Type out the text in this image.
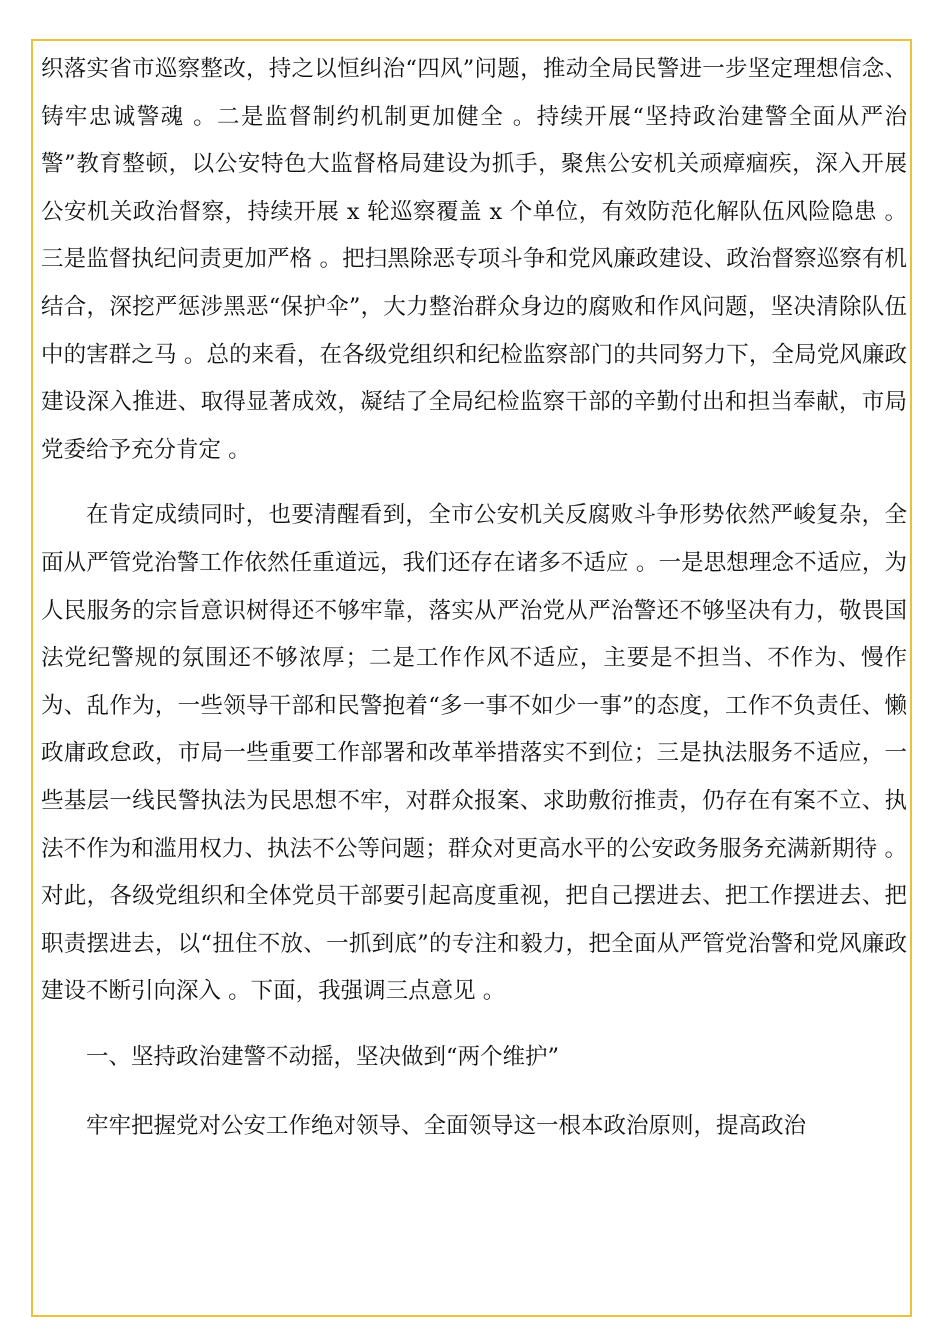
织落实省市巡察整改，持之以恒纠治“四风”问题，推动全局民警进一步坚定理想信念、铸牢忠诚警魂 。二是监督制约机制更加健全 。持续开展“坚持政治建警全面从严治警”教育整顿，以公安特色大监督格局建设为抓手，聚焦公安机关顽瘴痼疾，深入开展公安机关政治督察，持续开展 x 轮巡察覆盖 x 个单位，有效防范化解队伍风险隐患 。三是监督执纪问责更加严格 。把扫黑除恶专项斗争和党风廉政建设、政治督察巡察有机结合，深挖严惩涉黑恶“保护伞”，大力整治群众身边的腐败和作风问题，坚决清除队伍中的害群之马 。总的来看，在各级党组织和纪检监察部门的共同努力下，全局党风廉政建设深入推进、取得显著成效，凝结了全局纪检监察干部的辛勤付出和担当奉献，市局党委给予充分肯定 。

在肯定成绩同时，也要清醒看到，全市公安机关反腐败斗争形势依然严峻复杂，全面从严管党治警工作依然任重道远，我们还存在诸多不适应 。一是思想理念不适应，为人民服务的宗旨意识树得还不够牢靠，落实从严治党从严治警还不够坚决有力，敬畏国法党纪警规的氛围还不够浓厚；二是工作作风不适应，主要是不担当、不作为、慢作为、乱作为，一些领导干部和民警抱着“多一事不如少一事”的态度，工作不负责任、懒政庸政怠政，市局一些重要工作部署和改革举措落实不到位；三是执法服务不适应，一些基层一线民警执法为民思想不牢，对群众报案、求助敷衍推责，仍存在有案不立、执法不作为和滥用权力、执法不公等问题；群众对更高水平的公安政务服务充满新期待 。对此，各级党组织和全体党员干部要引起高度重视，把自己摆进去、把工作摆进去、把职责摆进去，以“扭住不放、一抓到底”的专注和毅力，把全面从严管党治警和党风廉政建设不断引向深入 。下面，我强调三点意见 。

一、坚持政治建警不动摇，坚决做到“两个维护”

牢牢把握党对公安工作绝对领导、全面领导这一根本政治原则，提高政治
